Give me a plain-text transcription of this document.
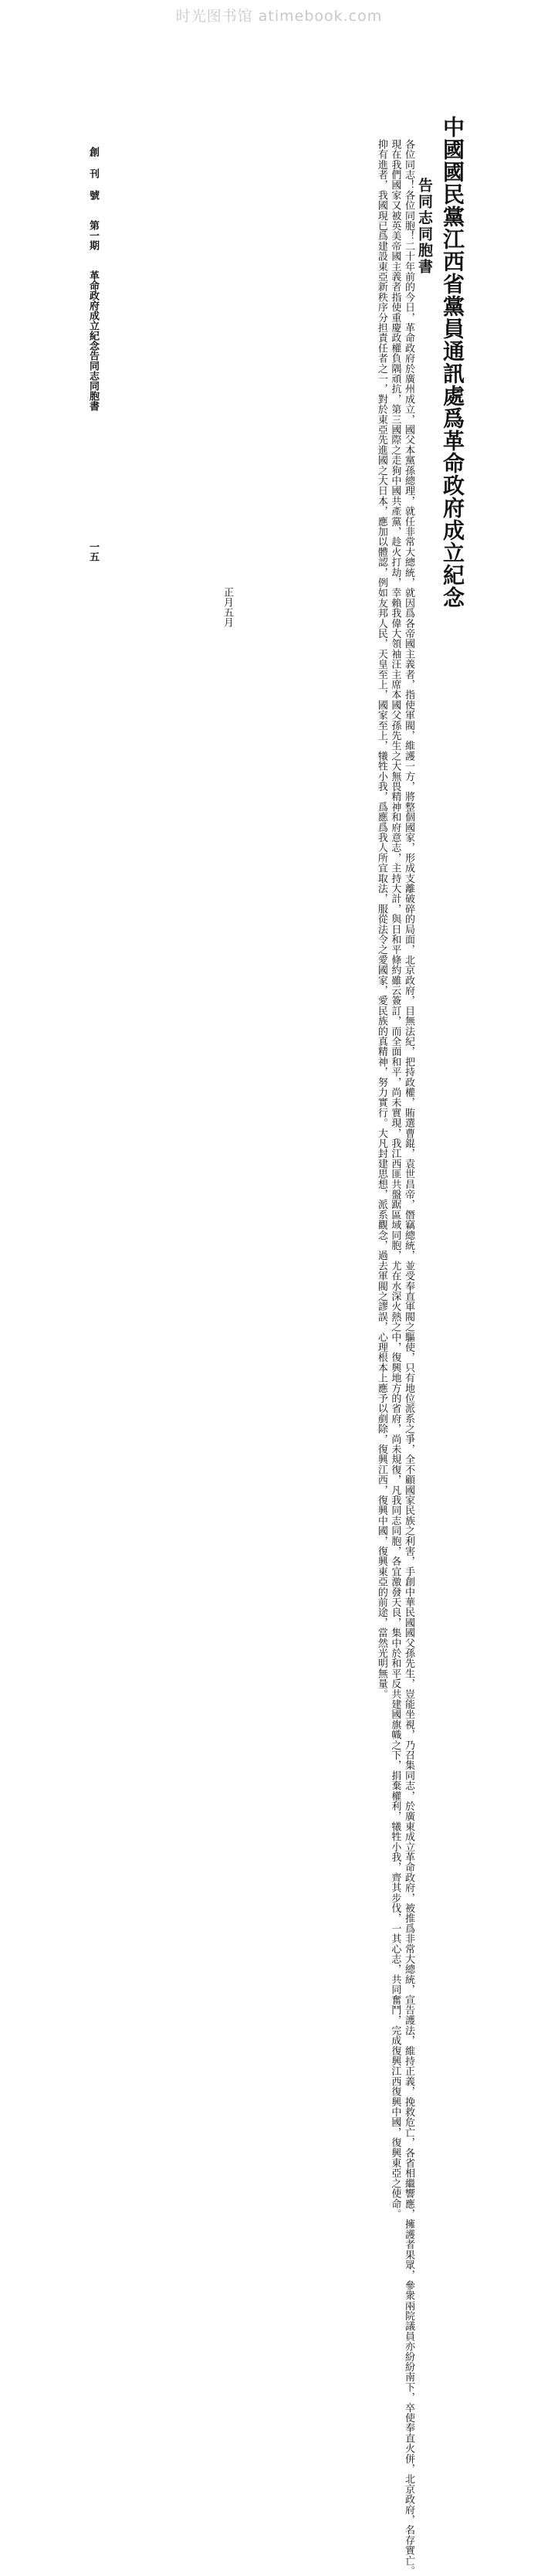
时光图书馆 atimebook.com
中國國民黨江西省黨員通訊處爲革命政府成立紀念
告同志同胞書

各位同志！各位同胞！二十年前的今日，革命政府於廣州成立，國父本黨孫總理，就任非常大總統，就因爲各帝國主義者，指使軍閥，維護一方，將整個國家，形成支離破碎的局面，北京政府，目無法紀，把持政權，賄選曹錕，袁世昌帝，僭竊總統，並受奉直軍閥之驅使，只有地位派系之爭，全不顧國家民族之利害，手創中華民國國父孫先生，豈能坐視，乃召集同志，於廣東成立革命政府，被推爲非常大總統，宣告護法，維持正義，挽救危亡，各省相繼響應，擁護者果眾，參衆兩院議員亦紛紛南下，卒使奉直火併，北京政府，名存實亡。

現在我們國家又被英美帝國主義者指使重慶政權負隅頑抗，第三國際之走狗中國共產黨，趁火打劫，幸賴我偉大領袖汪主席本國父孫先生之大無畏精神和府意志，主持大計，與日和平條約雖云簽訂，而全面和平，尚未實現，我江西匪共盤踞區域同胞，尤在水深火熱之中，復興地方的省府，尚未規復，凡我同志同胞，各宜激發天良，集中於和平反共建國旗幟之下，捐棄權利，犧牲小我，齊其步伐，一其心志，共同奮鬥，完成復興江西復興中國，復興東亞之使命。

抑有進者，我國現已爲建設東亞新秩序分担責任者之一，對於東亞先進國之大日本，應加以體認，例如友邦人民，天皇至上，國家至上，犧牲小我，爲應爲我人所宜取法，服從法令之愛國家，愛民族的真精神，努力實行。大凡封建思想，派系觀念，過去軍閥之謬誤，心理根本上應予以剷除，復興江西，復興中國，復興東亞的前途，當然光明無量。

正月五月
創 刊 號　　第一期　　革命政府成立紀念告同志同胞書　　　　　　　　　　　　　一五
